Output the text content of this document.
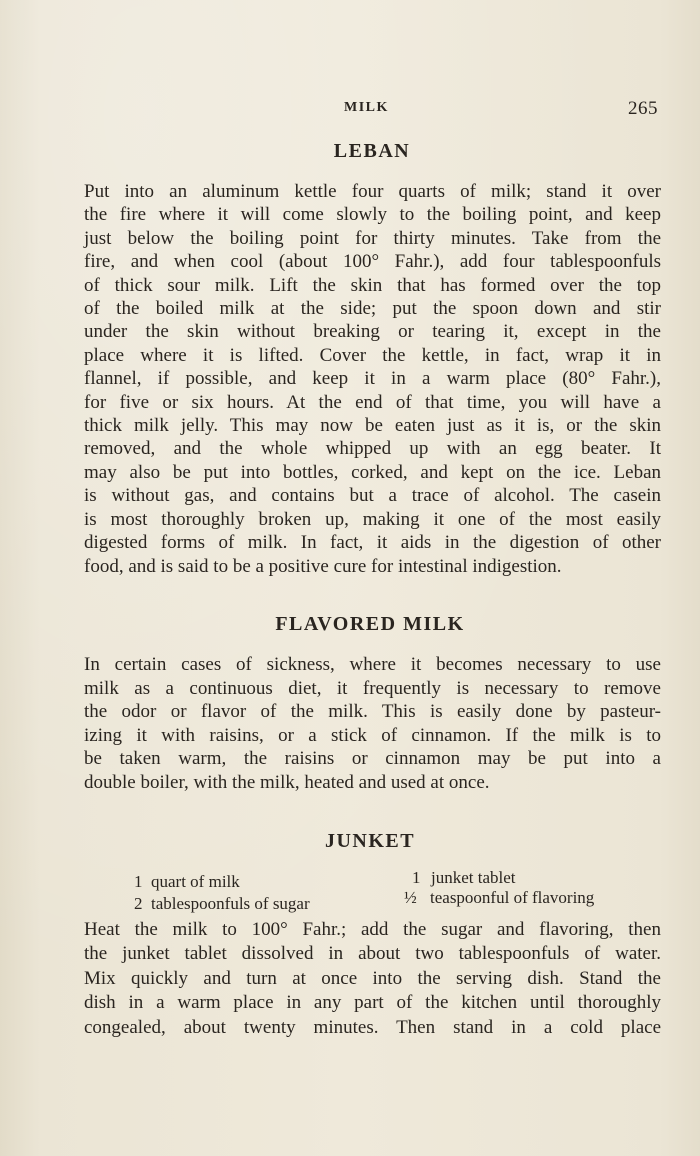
MILK	265
LEBAN

Put into an aluminum kettle four quarts of milk; stand it over
the fire where it will come slowly to the boiling point, and keep
just below the boiling point for thirty minutes. Take from the
fire, and when cool (about 100° Fahr.), add four tablespoonfuls
of thick sour milk. Lift the skin that has formed over the top
of the boiled milk at the side; put the spoon down and stir
under the skin without breaking or tearing it, except in the
place where it is lifted. Cover the kettle, in fact, wrap it in
flannel, if possible, and keep it in a warm place (80° Fahr.),
for five or six hours. At the end of that time, you will have a
thick milk jelly. This may now be eaten just as it is, or the skin
removed, and the whole whipped up with an egg beater. It
may also be put into bottles, corked, and kept on the ice. Leban
is without gas, and contains but a trace of alcohol. The casein
is most thoroughly broken up, making it one of the most easily
digested forms of milk. In fact, it aids in the digestion of other
food, and is said to be a positive cure for intestinal indigestion.

FLAVORED MILK

In certain cases of sickness, where it becomes necessary to use
milk as a continuous diet, it frequently is necessary to remove
the odor or flavor of the milk. This is easily done by pasteur-
izing it with raisins, or a stick of cinnamon. If the milk is to
be taken warm, the raisins or cinnamon may be put into a
double boiler, with the milk, heated and used at once.

JUNKET
1 quart of milk
2 tablespoonfuls of sugar
1 junket tablet
½ teaspoonful of flavoring

Heat the milk to 100° Fahr.; add the sugar and flavoring, then
the junket tablet dissolved in about two tablespoonfuls of water.
Mix quickly and turn at once into the serving dish. Stand the
dish in a warm place in any part of the kitchen until thoroughly
congealed, about twenty minutes. Then stand in a cold place
